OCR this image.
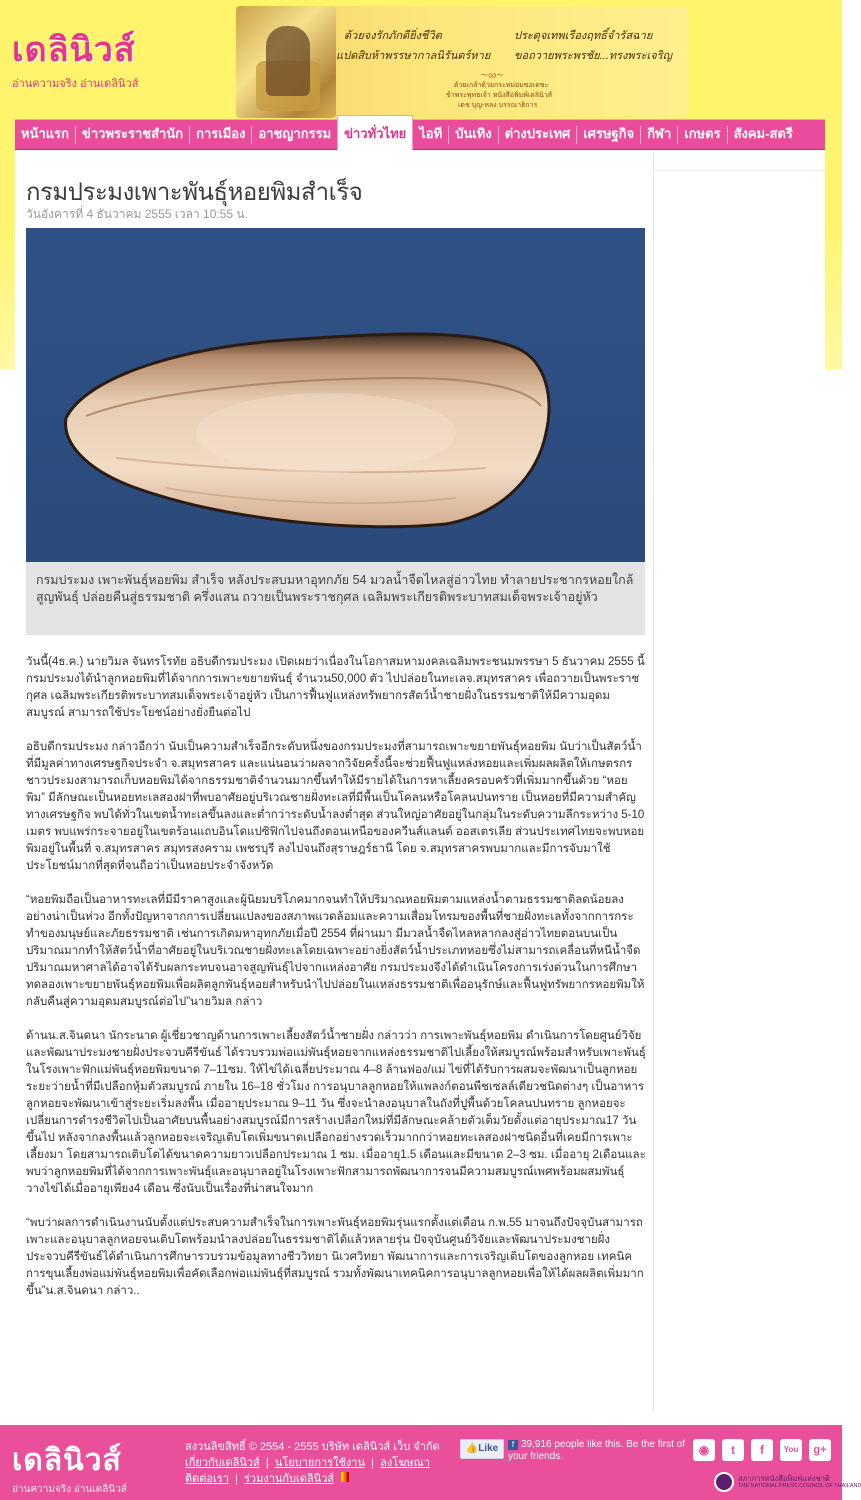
เดลินิวส์
อ่านความจริง อ่านเดลินิวส์
ด้วยจงรักภักดียิ่งชีวิต	ประดุจเทพเรืองฤทธิ์จำรัสฉาย
แปดสิบห้าพรรษากาลนิรันดร์หาย ขอถวายพระพรชัย...ทรงพระเจริญ
~∞~
ด้วยเกล้าด้วยกระหม่อมขอเดชะ
ข้าพระพุทธเจ้า หนังสือพิมพ์เดลินิวส์
เดช บุญ-หลง บรรณาธิการ
หน้าแรก	ข่าวพระราชสำนัก	การเมือง	อาชญากรรม	ข่าวทั่วไทย	ไอที	บันเทิง	ต่างประเทศ	เศรษฐกิจ	กีฬา	เกษตร	สังคม-สตรี
กรมประมงเพาะพันธุ์หอยพิมสำเร็จ
วันอังคารที่ 4 ธันวาคม 2555 เวลา 10:55 น.
กรมประมง เพาะพันธุ์หอยพิม สำเร็จ หลังประสบมหาอุทกภัย 54 มวลน้ำจืดไหลสู่อ่าวไทย ทำลายประชากรหอยใกล้สูญพันธุ์ ปล่อยคืนสู่ธรรมชาติ ครึ่งแสน ถวายเป็นพระราชกุศล เฉลิมพระเกียรติพระบาทสมเด็จพระเจ้าอยู่หัว

วันนี้(4ธ.ค.) นายวิมล จันทรโรทัย อธิบดีกรมประมง เปิดเผยว่าเนื่องในโอกาสมหามงคลเฉลิมพระชนมพรรษา 5 ธันวาคม 2555 นี้ กรมประมงได้นำลูกหอยพิมที่ได้จากการเพาะขยายพันธุ์ จำนวน50,000 ตัว ไปปล่อยในทะเลจ.สมุทรสาคร เพื่อถวายเป็นพระราชกุศล เฉลิมพระเกียรติพระบาทสมเด็จพระเจ้าอยู่หัว เป็นการฟื้นฟูแหล่งทรัพยากรสัตว์น้ำชายฝั่งในธรรมชาติให้มีความอุดมสมบูรณ์ สามารถใช้ประโยชน์อย่างยั่งยืนต่อไป

อธิบดีกรมประมง กล่าวอีกว่า นับเป็นความสำเร็จอีกระดับหนึ่งของกรมประมงที่สามารถเพาะขยายพันธุ์หอยพิม นับว่าเป็นสัตว์น้ำที่มีมูลค่าทางเศรษฐกิจประจำ จ.สมุทรสาคร และแน่นอนว่าผลจากวิจัยครั้งนี้จะช่วยฟื้นฟูแหล่งหอยและเพิ่มผลผลิตให้เกษตรกรชาวประมงสามารถเก็บหอยพิมได้จากธรรมชาติจำนวนมากขึ้นทำให้มีรายได้ในการหาเลี้ยงครอบครัวที่เพิ่มมากขึ้นด้วย “หอยพิม” มีลักษณะเป็นหอยทะเลสองฝาที่พบอาศัยอยู่บริเวณชายฝั่งทะเลที่มีพื้นเป็นโคลนหรือโคลนปนทราย เป็นหอยที่มีความสำคัญทางเศรษฐกิจ พบได้ทั่วในเขตน้ำทะเลขึ้นลงและต่ำกว่าระดับน้ำลงต่ำสุด ส่วนใหญ่อาศัยอยู่ในกลุ่มในระดับความลึกระหว่าง 5-10 เมตร พบแพร่กระจายอยู่ในเขตร้อนแถบอินโดแปซิฟิกไปจนถึงตอนเหนือของควีนส์แลนด์ ออสเตรเลีย ส่วนประเทศไทยจะพบหอยพิมอยู่ในพื้นที่ จ.สมุทรสาคร สมุทรสงคราม เพชรบุรี ลงไปจนถึงสุราษฎร์ธานี โดย จ.สมุทรสาครพบมากและมีการจับมาใช้ประโยชน์มากที่สุดที่จนถือว่าเป็นหอยประจำจังหวัด

“หอยพิมถือเป็นอาหารทะเลที่มีมีราคาสูงและผู้นิยมบริโภคมากจนทำให้ปริมาณหอยพิมตามแหล่งน้ำตามธรรมชาติลดน้อยลงอย่างน่าเป็นห่วง อีกทั้งปัญหาจากการเปลี่ยนแปลงของสภาพแวดล้อมและความเสื่อมโทรมของพื้นที่ชายฝั่งทะเลทั้งจากการกระทำของมนุษย์และภัยธรรมชาติ เช่นการเกิดมหาอุทกภัยเมื่อปี 2554 ที่ผ่านมา มีมวลน้ำจืดไหลหลากลงสู่อ่าวไทยตอนบนเป็นปริมาณมากทำให้สัตว์น้ำที่อาศัยอยู่ในบริเวณชายฝั่งทะเลโดยเฉพาะอย่างยิ่งสัตว์น้ำประเภทหอยซึ่งไม่สามารถเคลื่อนที่หนีน้ำจืดปริมาณมหาศาลได้อาจได้รับผลกระทบจนอาจสูญพันธุ์ไปจากแหล่งอาศัย กรมประมงจึงได้ดำเนินโครงการเร่งด่วนในการศึกษาทดลองเพาะขยายพันธุ์หอยพิมเพื่อผลิตลูกพันธุ์หอยสำหรับนำไปปล่อยในแหล่งธรรมชาติเพื่ออนุรักษ์และฟื้นฟูทรัพยากรหอยพิมให้กลับคืนสู่ความอุดมสมบูรณ์ต่อไป”นายวิมล กล่าว

ด้านน.ส.จินดนา นักระนาด ผู้เชี่ยวชาญด้านการเพาะเลี้ยงสัตว์น้ำชายฝั่ง กล่าวว่า การเพาะพันธุ์หอยพิม ดำเนินการโดยศูนย์วิจัยและพัฒนาประมงชายฝั่งประจวบคีรีขันธ์ ได้รวบรวมพ่อแม่พันธุ์หอยจากแหล่งธรรมชาติไปเลี้ยงให้สมบูรณ์พร้อมสำหรับเพาะพันธุ์ในโรงเพาะฟักแม่พันธุ์หอยพิมขนาด 7–11ซม. ให้ไข่ได้เฉลี่ยประมาณ 4–8 ล้านฟอง/แม่ ไข่ที่ได้รับการผสมจะพัฒนาเป็นลูกหอยระยะว่ายน้ำที่มีเปลือกหุ้มตัวสมบูรณ์ ภายใน 16–18 ชั่วโมง การอนุบาลลูกหอยให้แพลงก์ตอนพืชเซลล์เดียวชนิดต่างๆ เป็นอาหาร ลูกหอยจะพัฒนาเข้าสู่ระยะเริ่มลงพื้น เมื่ออายุประมาณ 9–11 วัน ซึ่งจะนำลงอนุบาลในถังที่ปูพื้นด้วยโคลนปนทราย ลูกหอยจะเปลี่ยนการดำรงชีวิตไปเป็นอาศัยบนพื้นอย่างสมบูรณ์มีการสร้างเปลือกใหม่ที่มีลักษณะคล้ายตัวเต็มวัยตั้งแต่อายุประมาณ17 วันขึ้นไป หลังจากลงพื้นแล้วลูกหอยจะเจริญเติบโตเพิ่มขนาดเปลือกอย่างรวดเร็วมากกว่าหอยทะเลสองฝาชนิดอื่นที่เคยมีการเพาะเลี้ยงมา โดยสามารถเติบโตได้ขนาดความยาวเปลือกประมาณ 1 ซม. เมื่ออายุ1.5 เดือนและมีขนาด 2–3 ซม. เมื่ออายุ 2เดือนและพบว่าลูกหอยพิมที่ได้จากการเพาะพันธุ์และอนุบาลอยู่ในโรงเพาะฟักสามารถพัฒนาการจนมีความสมบูรณ์เพศพร้อมผสมพันธุ์วางไข่ได้เมื่ออายุเพียง4 เดือน ซึ่งนับเป็นเรื่องที่น่าสนใจมาก

“พบว่าผลการดำเนินงานนับตั้งแต่ประสบความสำเร็จในการเพาะพันธุ์หอยพิมรุ่นแรกตั้งแต่เดือน ก.พ.55 มาจนถึงปัจจุบันสามารถเพาะและอนุบาลลูกหอยจนเติบโตพร้อมนำลงปล่อยในธรรมชาติได้แล้วหลายรุ่น ปัจจุบันศูนย์วิจัยและพัฒนาประมงชายฝั่งประจวบคีรีขันธ์ได้ดำเนินการศึกษารวบรวมข้อมูลทางชีววิทยา นิเวศวิทยา พัฒนาการและการเจริญเติบโตของลูกหอย เทคนิคการขุนเลี้ยงพ่อแม่พันธุ์หอยพิมเพื่อคัดเลือกพ่อแม่พันธุ์ที่สมบูรณ์ รวมทั้งพัฒนาเทคนิคการอนุบาลลูกหอยเพื่อให้ได้ผลผลิตเพิ่มมากขึ้น”น.ส.จินดนา กล่าว..

เดลินิวส์
อ่านความจริง อ่านเดลินิวส์
สงวนลิขสิทธิ์ © 2554 - 2555 บริษัท เดลินิวส์ เว็บ จำกัด
เกี่ยวกับเดลินิวส์  |  นโยบายการใช้งาน  |  ลงโฆษณา
ติดต่อเรา  |  ร่วมงานกับเดลินิวส์
👍Like	f 39,916 people like this. Be the first of your friends.	◉	t	f	You	g+
สภาการหนังสือพิมพ์แห่งชาติ
THE NATIONAL PRESS COUNCIL OF THAILAND
